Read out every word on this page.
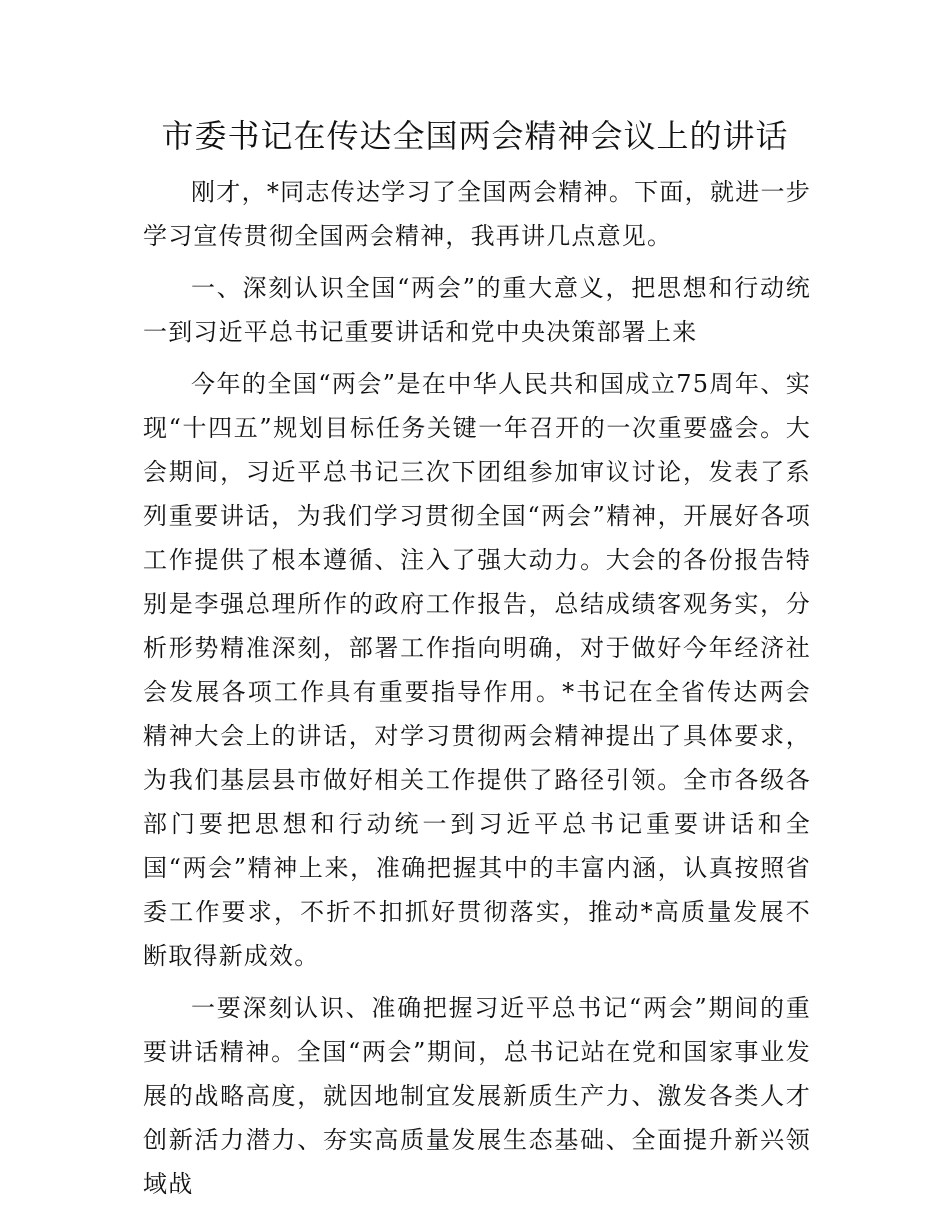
市委书记在传达全国两会精神会议上的讲话

刚才，*同志传达学习了全国两会精神。下面，就进一步学习宣传贯彻全国两会精神，我再讲几点意见。

一、深刻认识全国“两会”的重大意义，把思想和行动统一到习近平总书记重要讲话和党中央决策部署上来

今年的全国“两会”是在中华人民共和国成立75周年、实现“十四五”规划目标任务关键一年召开的一次重要盛会。大会期间，习近平总书记三次下团组参加审议讨论，发表了系列重要讲话，为我们学习贯彻全国“两会”精神，开展好各项工作提供了根本遵循、注入了强大动力。大会的各份报告特别是李强总理所作的政府工作报告，总结成绩客观务实，分析形势精准深刻，部署工作指向明确，对于做好今年经济社会发展各项工作具有重要指导作用。*书记在全省传达两会精神大会上的讲话，对学习贯彻两会精神提出了具体要求，为我们基层县市做好相关工作提供了路径引领。全市各级各部门要把思想和行动统一到习近平总书记重要讲话和全国“两会”精神上来，准确把握其中的丰富内涵，认真按照省委工作要求，不折不扣抓好贯彻落实，推动*高质量发展不断取得新成效。

一要深刻认识、准确把握习近平总书记“两会”期间的重要讲话精神。全国“两会”期间，总书记站在党和国家事业发展的战略高度，就因地制宜发展新质生产力、激发各类人才创新活力潜力、夯实高质量发展生态基础、全面提升新兴领域战
